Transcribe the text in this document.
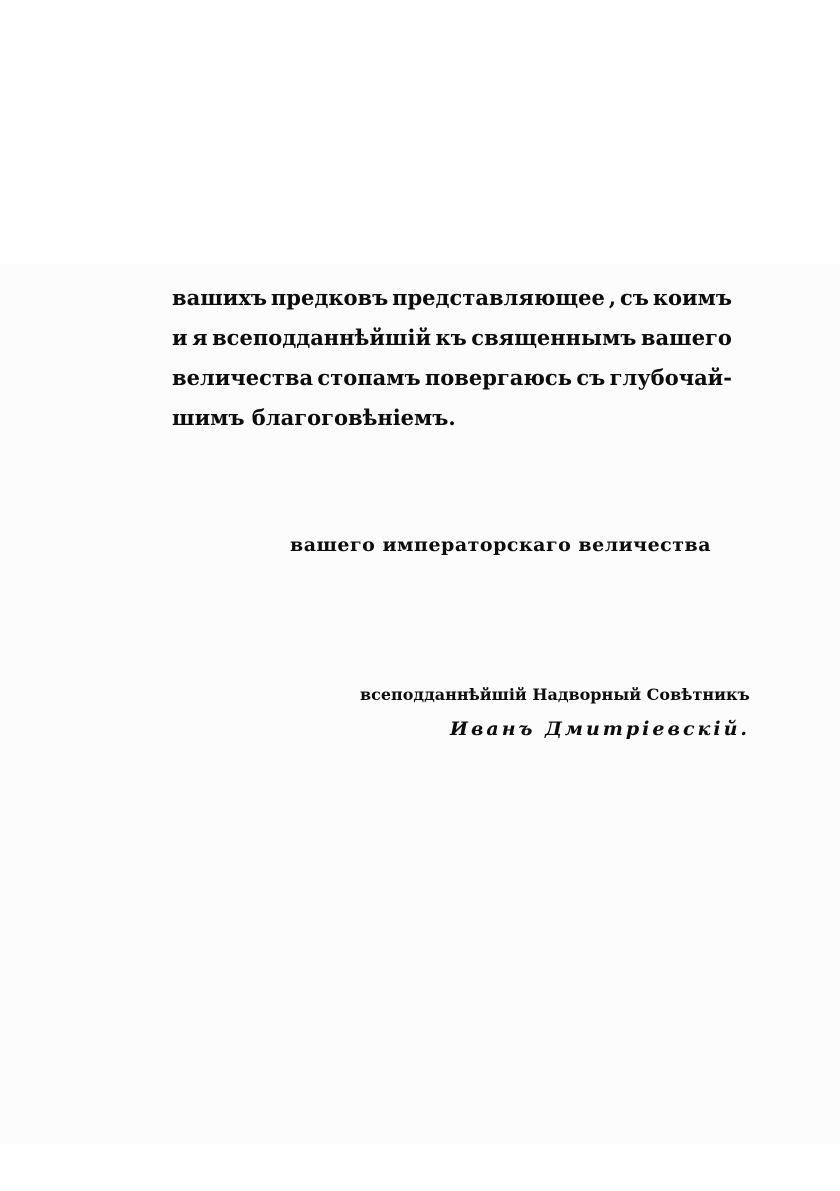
вашихъ предковъ представляющее , съ коимъ
и я всеподданнѣйшій къ священнымъ вашего
величества стопамъ повергаюсь съ глубочай-
шимъ благоговѣніемъ.

вашего императорскаго величества

всеподданнѣйшій Надворный Совѣтникъ

Иванъ Дмитріевскій.
